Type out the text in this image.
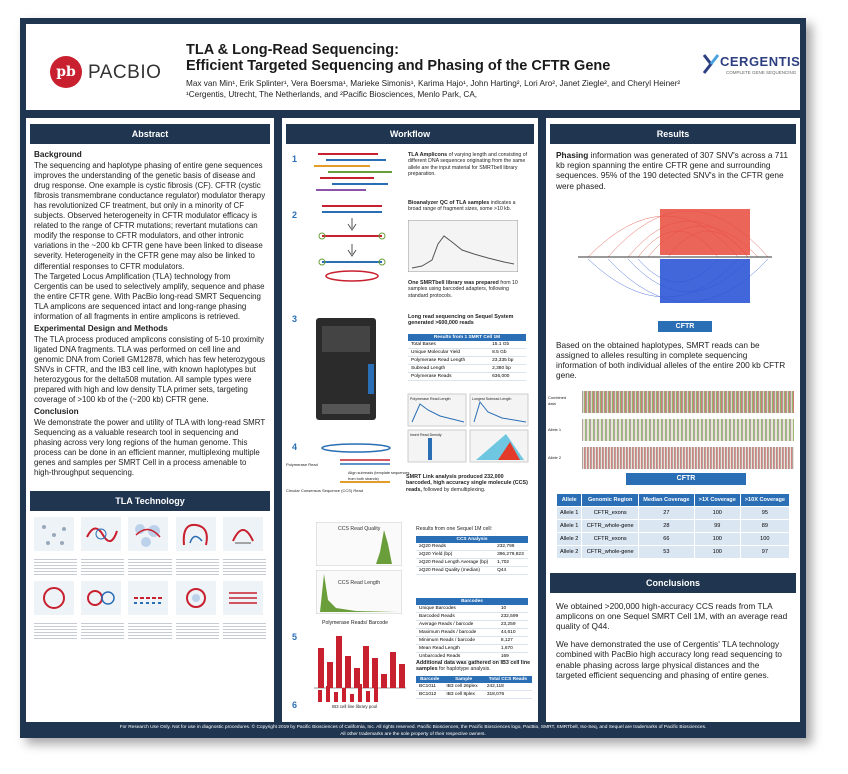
pb PACBIO
TLA & Long-Read Sequencing:
Efficient Targeted Sequencing and Phasing of the CFTR Gene
Max van Min¹, Erik Splinter¹, Vera Boersma¹, Marieke Simonis¹, Karima Hajo¹, John Harting², Lori Aro², Janet Ziegle², and Cheryl Heiner²
¹Cergentis, Utrecht, The Netherlands, and ²Pacific Biosciences, Menlo Park, CA,
CERGENTIS
COMPLETE GENE SEQUENCING
Abstract
Background

The sequencing and haplotype phasing of entire gene sequences improves the understanding of the genetic basis of disease and drug response. One example is cystic fibrosis (CF). CFTR (cystic fibrosis transmembrane conductance regulator) modulator therapy has revolutionized CF treatment, but only in a minority of CF subjects. Observed heterogeneity in CFTR modulator efficacy is related to the range of CFTR mutations; revertant mutations can modify the response to CFTR modulators, and other intronic variations in the ~200 kb CFTR gene have been linked to disease severity. Heterogeneity in the CFTR gene may also be linked to differential responses to CFTR modulators.

The Targeted Locus Amplification (TLA) technology from Cergentis can be used to selectively amplify, sequence and phase the entire CFTR gene. With PacBio long-read SMRT Sequencing TLA amplicons are sequenced intact and long-range phasing information of all fragments in entire amplicons is retrieved.

Experimental Design and Methods

The TLA process produced amplicons consisting of 5-10 proximity ligated DNA fragments. TLA was performed on cell line and genomic DNA from Coriell GM12878, which has few heterozygous SNVs in CFTR, and the IB3 cell line, with known haplotypes but heterozygous for the delta508 mutation. All sample types were prepared with high and low density TLA primer sets, targeting coverage of >100 kb of the (~200 kb) CFTR gene.

Conclusion

We demonstrate the power and utility of TLA with long-read SMRT Sequencing as a valuable research tool in sequencing and phasing across very long regions of the human genome. This process can be done in an efficient manner, multiplexing multiple genes and samples per SMRT Cell in a process amenable to high-throughput sequencing.

TLA Technology
Workflow
1	TLA Amplicons of varying length and consisting of different DNA sequences originating from the same allele are the input material for SMRTbell library preparation.
Bioanalyzer QC of TLA samples indicates a broad range of fragment sizes, some >10 kb.
2
One SMRTbell library was prepared from 10 samples using barcoded adapters, following standard protocols.
3	Long read sequencing on Sequel System generated >600,000 reads
Results from 1 SMRT Cell 1M	
Total Bases	15.1 Gb
Unique Molecular Yield	8.5 Gb
Polymerase Read Length	23,335 bp
Subread Length	2,380 bp
Polymerase Reads	636,000
Polymerase Read Length	Longest Subread Length
Insert Read Density
4
Polymerase Read
Align subreads (template sequences from both strands)
Circular Consensus Sequence (CCS) Read
SMRT Link analysis produced 232,000 barcoded, high accuracy single molecule (CCS) reads, followed by demultiplexing.
Results from one Sequel 1M cell:
CCS Read Quality
CCS Read Length
CCS Analysis	
≥Q20 Reads	232,799
≥Q20 Yield (bp)	396,279,823
≥Q20 Read Length Average (bp)	1,702
≥Q20 Read Quality (median)	Q44
5
Polymerase Reads/ Barcode
Barcodes	
Unique Barcodes	10
Barcoded Reads	232,599
Average Reads / barcode	23,259
Maximum Reads / barcode	44,610
Minimum Reads / barcode	8,127
Mean Read Length	1,670
Unbarcoded Reads	169
6	IB3 cell line library pool
Additional data was gathered on IB3 cell line samples for haplotype analysis.
Barcode	Sample	Total CCS Reads
BC1011	IB3 cell 26plex	242,118
BC1012	IB3 cell 8plex	318,076
Results
Phasing information was generated of 307 SNV's across a 711 kb region spanning the entire CFTR gene and surrounding sequences. 95% of the 190 detected SNV's in the CFTR gene were phased.
CFTR
Based on the obtained haplotypes, SMRT reads can be assigned to alleles resulting in complete sequencing information of both individual alleles of the entire 200 kb CFTR gene.
Combined data
Allele 1
Allele 2
CFTR
Allele	Genomic Region	Median Coverage	>1X Coverage	>10X Coverage
Allele 1	CFTR_exons	27	100	95
Allele 1	CFTR_whole-gene	28	99	89
Allele 2	CFTR_exons	66	100	100
Allele 2	CFTR_whole-gene	53	100	97
Conclusions
We obtained >200,000 high-accuracy CCS reads from TLA amplicons on one Sequel SMRT Cell 1M, with an average read quality of Q44.
We have demonstrated the use of Cergentis' TLA technology combined with PacBio high accuracy long read sequencing to enable phasing across large physical distances and the targeted efficient sequencing and phasing of entire genes.
For Research Use Only. Not for use in diagnostic procedures. © Copyright 2019 by Pacific Biosciences of California, Inc. All rights reserved. Pacific Biosciences, the Pacific Biosciences logo, PacBio, SMRT, SMRTbell, Iso-Seq, and Sequel are trademarks of Pacific Biosciences.
All other trademarks are the sole property of their respective owners.
